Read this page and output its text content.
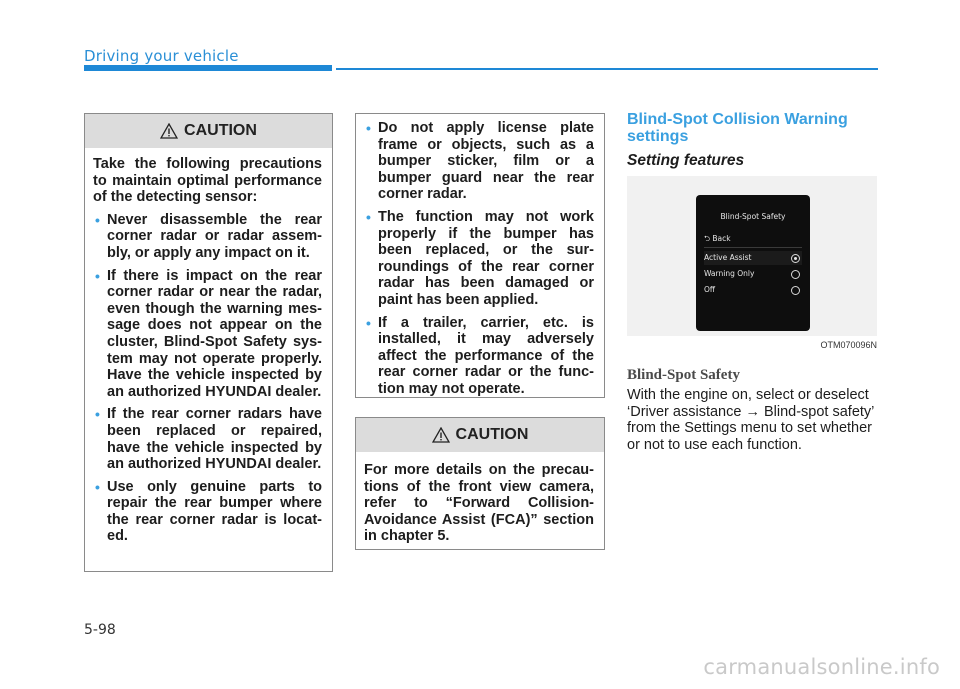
Driving your vehicle
CAUTION

Take the following precautions to maintain optimal performance of the detecting sensor:

• Never disassemble the rear corner radar or radar assembly, or apply any impact on it.
• If there is impact on the rear corner radar or near the radar, even though the warning message does not appear on the cluster, Blind-Spot Safety system may not operate properly. Have the vehicle inspected by an authorized HYUNDAI dealer.
• If the rear corner radars have been replaced or repaired, have the vehicle inspected by an authorized HYUNDAI dealer.
• Use only genuine parts to repair the rear bumper where the rear corner radar is located.
• Do not apply license plate frame or objects, such as a bumper sticker, film or a bumper guard near the rear corner radar.
• The function may not work properly if the bumper has been replaced, or the surroundings of the rear corner radar has been damaged or paint has been applied.
• If a trailer, carrier, etc. is installed, it may adversely affect the performance of the rear corner radar or the function may not operate.
CAUTION

For more details on the precautions of the front view camera, refer to “Forward Collision-Avoidance Assist (FCA)” section in chapter 5.

Blind-Spot Collision Warning settings
Setting features
Blind-Spot Safety
⮌ Back
Active Assist
Warning Only
Off
OTM070096N
Blind-Spot Safety
With the engine on, select or deselect ‘Driver assistance → Blind-spot safety’ from the Settings menu to set whether or not to use each function.
5-98
carmanualsonline.info
